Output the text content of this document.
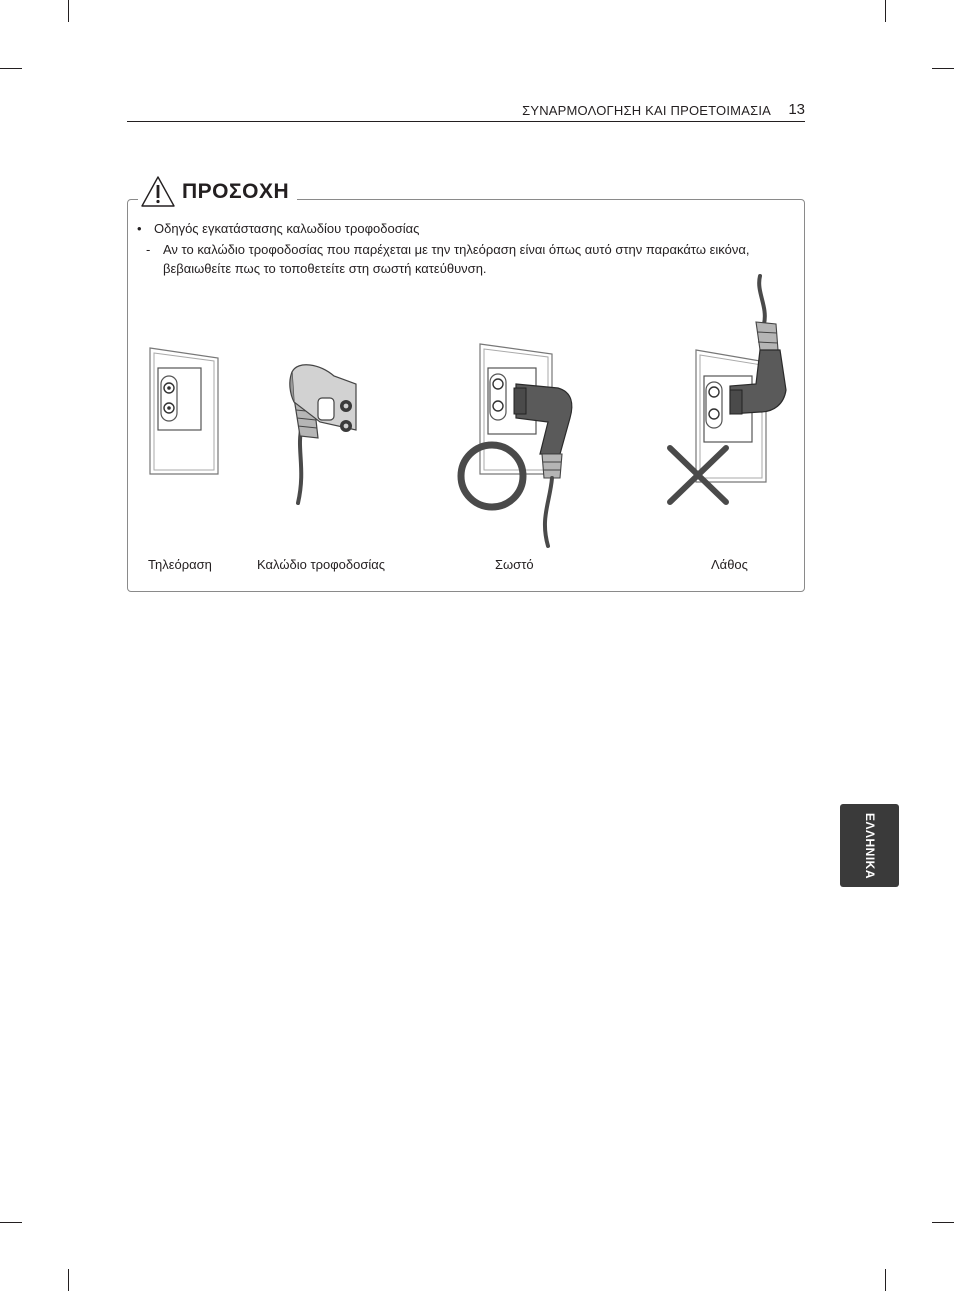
ΣΥΝΑΡΜΟΛΟΓΗΣΗ ΚΑΙ ΠΡΟΕΤΟΙΜΑΣΙΑ 13
ΠΡΟΣΟΧΗ
• Οδηγός εγκατάστασης καλωδίου τροφοδοσίας
- Αν το καλώδιο τροφοδοσίας που παρέχεται με την τηλεόραση είναι όπως αυτό στην παρακάτω εικόνα, βεβαιωθείτε πως το τοποθετείτε στη σωστή κατεύθυνση.
Τηλεόραση	Καλώδιο τροφοδοσίας	Σωστό	Λάθος
ΕΛΛΗΝΙΚΑ
